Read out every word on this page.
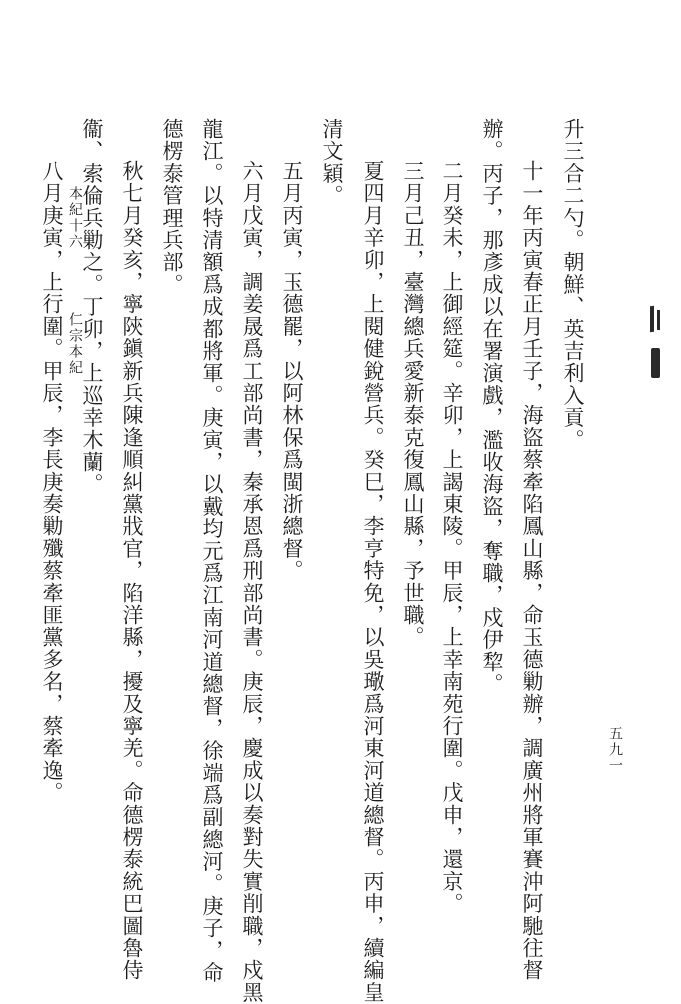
升三合二勺。朝鮮、英吉利入貢。
十一年丙寅春正月壬子，海盜蔡牽陷鳳山縣，命玉德勦辦，調廣州將軍賽沖阿馳往督
辦。丙子，那彥成以在署演戲，濫收海盜，奪職，戍伊犂。
二月癸未，上御經筵。辛卯，上謁東陵。甲辰，上幸南苑行圍。戊申，還京。
三月己丑，臺灣總兵愛新泰克復鳳山縣，予世職。
夏四月辛卯，上閱健銳營兵。癸巳，李亨特免，以吳璥爲河東河道總督。丙申，續編皇
清文穎。
五月丙寅，玉德罷，以阿林保爲閩浙總督。
六月戊寅，調姜晟爲工部尚書，秦承恩爲刑部尚書。庚辰，慶成以奏對失實削職，戍黑
龍江。以特清額爲成都將軍。庚寅，以戴均元爲江南河道總督，徐端爲副總河。庚子，命
德楞泰管理兵部。
秋七月癸亥，寧陝鎭新兵陳逢順糾黨戕官，陷洋縣，擾及寧羌。命德楞泰統巴圖魯侍
衞、索倫兵勦之。丁卯，上巡幸木蘭。
八月庚寅，上行圍。甲辰，李長庚奏勦殲蔡牽匪黨多名，蔡牽逸。 本紀十六
仁宗本紀
五九一
